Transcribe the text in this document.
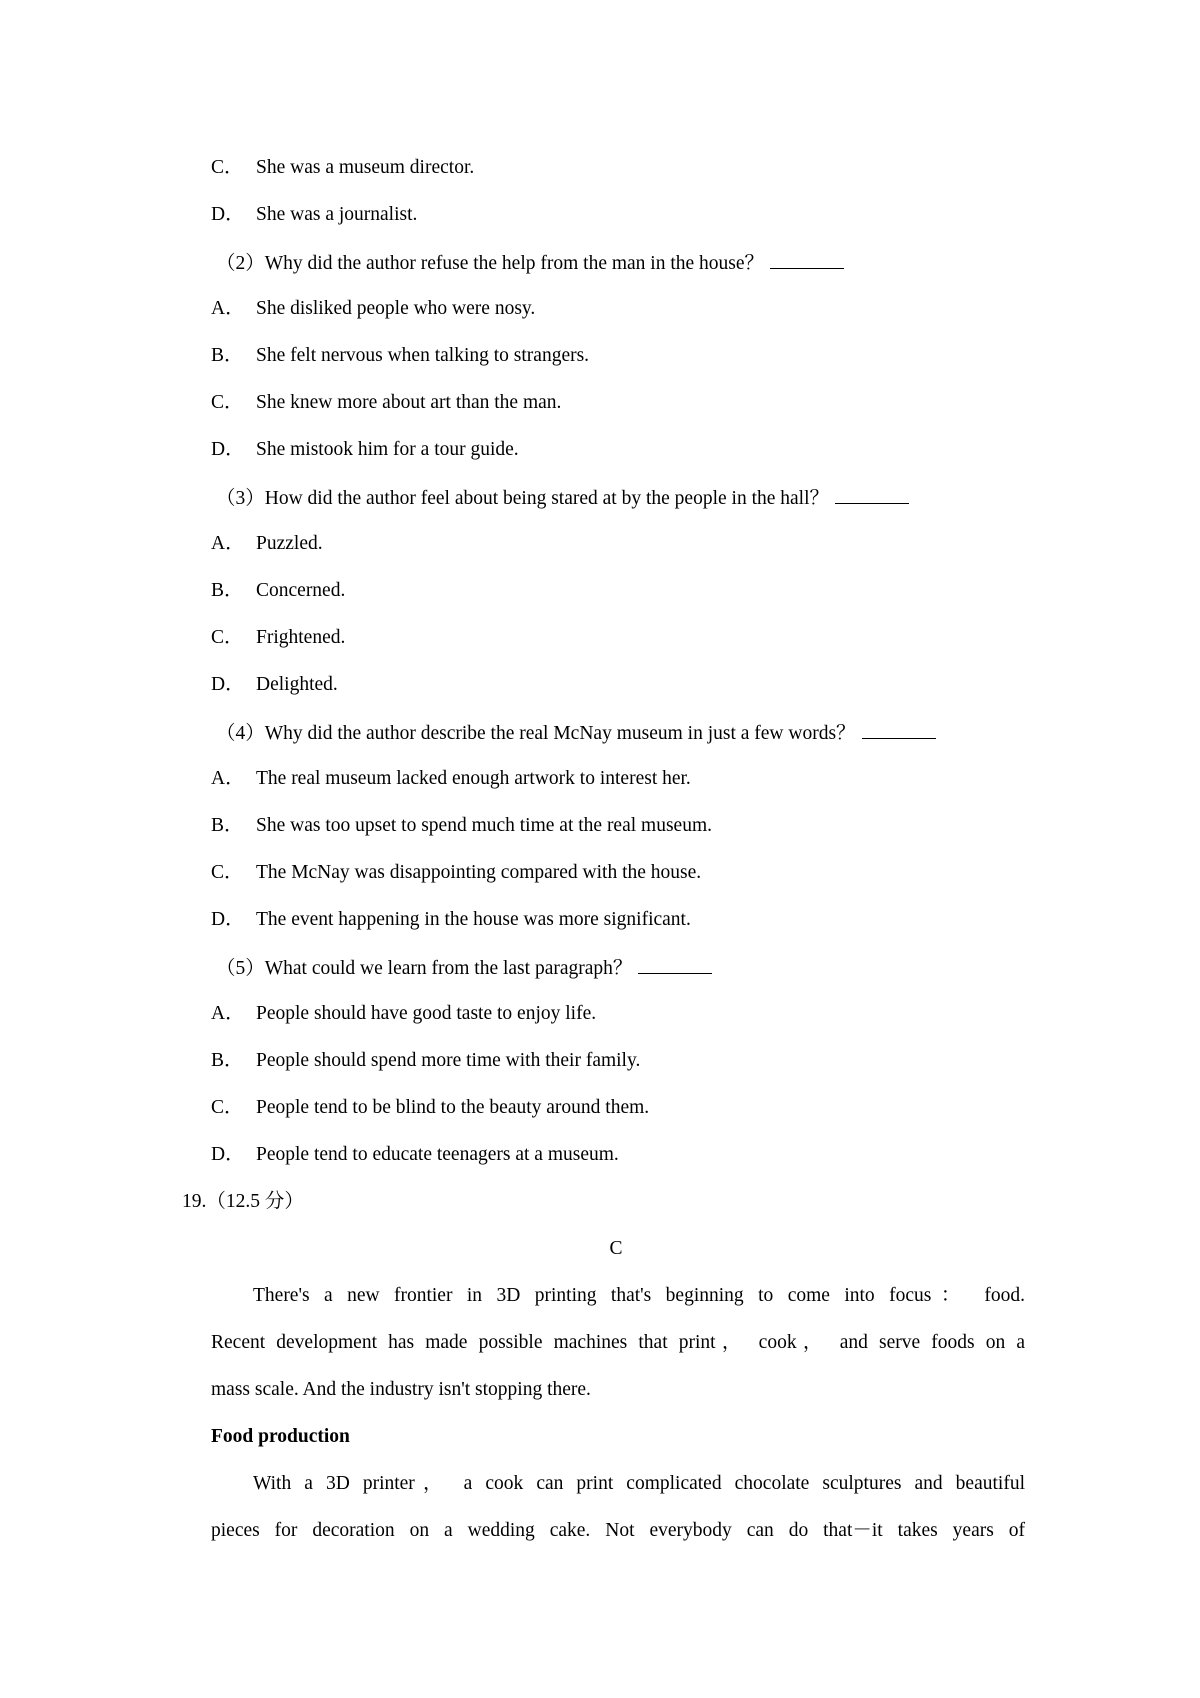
C． She was a museum director.
D． She was a journalist.
（2）Why did the author refuse the help from the man in the house？
A． She disliked people who were nosy.
B． She felt nervous when talking to strangers.
C． She knew more about art than the man.
D． She mistook him for a tour guide.
（3）How did the author feel about being stared at by the people in the hall？
A． Puzzled.
B． Concerned.
C． Frightened.
D． Delighted.
（4）Why did the author describe the real McNay museum in just a few words？
A． The real museum lacked enough artwork to interest her.
B． She was too upset to spend much time at the real museum.
C． The McNay was disappointing compared with the house.
D． The event happening in the house was more significant.
（5）What could we learn from the last paragraph？
A． People should have good taste to enjoy life.
B． People should spend more time with their family.
C． People tend to be blind to the beauty around them.
D． People tend to educate teenagers at a museum.
19.（12.5 分）
C
There's a new frontier in 3D printing that's beginning to come into focus： food.
Recent development has made possible machines that print， cook， and serve foods on a
mass scale. And the industry isn't stopping there.
Food production
With a 3D printer， a cook can print complicated chocolate sculptures and beautiful
pieces for decoration on a wedding cake. Not everybody can do that－it takes years of
